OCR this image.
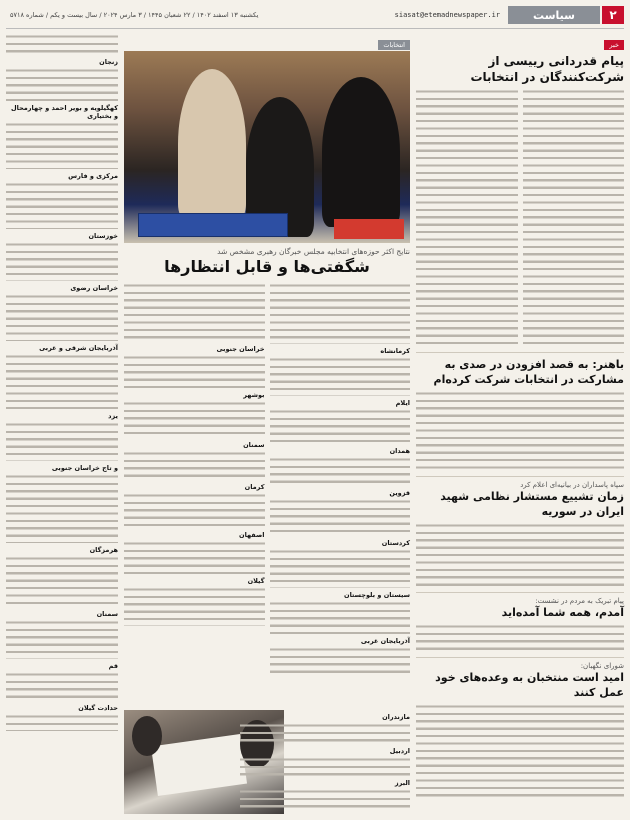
۲
سیاست
siasat@etemadnewspaper.ir
یکشنبه ۱۳ اسفند ۱۴۰۲ / ۲۲ شعبان ۱۴۴۵ / ۳ مارس ۲۰۲۴ / سال بیست و یکم / شماره ۵۷۱۸
خبر
پیام قدردانی رییسی از شرکت‌کنندگان در انتخابات
باهنر: به قصد افزودن در صدی به مشارکت در انتخابات شرکت کرده‌ام
سپاه پاسداران در بیانیه‌ای اعلام کرد
زمان تشییع مستشار نظامی شهید ایران در سوریه
پیام تبریک به مردم در نشست:
آمدم، همه شما آمده‌اید
شورای نگهبان:
امید است منتخبان به وعده‌های خود عمل کنند
انتخابات
نتایج اکثر حوزه‌های انتخابیه مجلس خبرگان رهبری مشخص شد
شگفتی‌ها و قابل انتظارها
کرمانشاه
ایلام
همدان
قزوین
کردستان
سیستان و بلوچستان
آذربایجان غربی
خراسان جنوبی
بوشهر
سمنان
کرمان
اصفهان
گیلان
مازندران
اردبیل
البرز
زنجان
کهگیلویه و بویر احمد و چهارمحال و بختیاری
مرکزی و فارس
خوزستان
خراسان رضوی
آذربایجان شرقی و غربی
یزد
و تاج خراسان جنوبی
هرمزگان
سمنان
قم
حدادت گیلان
